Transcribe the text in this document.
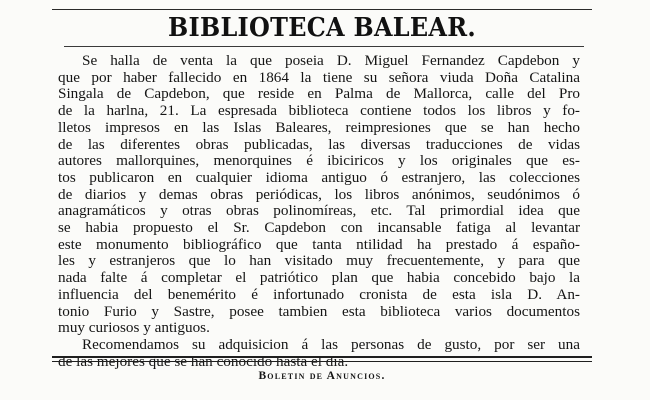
BIBLIOTECA BALEAR.
Se halla de venta la que poseia D. Miguel Fernandez Capdebon y
que por haber fallecido en 1864 la tiene su señora viuda Doña Catalina
Singala de Capdebon, que reside en Palma de Mallorca, calle del Pro
de la harlna, 21. La espresada biblioteca contiene todos los libros y fo-
lletos impresos en las Islas Baleares, reimpresiones que se han hecho
de las diferentes obras publicadas, las diversas traducciones de vidas
autores mallorquines, menorquines é ibiciricos y los originales que es-
tos publicaron en cualquier idioma antiguo ó estranjero, las colecciones
de diarios y demas obras periódicas, los libros anónimos, seudónimos ó
anagramáticos y otras obras polinomíreas, etc. Tal primordial idea que
se habia propuesto el Sr. Capdebon con incansable fatiga al levantar
este monumento bibliográfico que tanta ntilidad ha prestado á españo-
les y estranjeros que lo han visitado muy frecuentemente, y para que
nada falte á completar el patriótico plan que habia concebido bajo la
influencia del benemérito é infortunado cronista de esta isla D. An-
tonio Furio y Sastre, posee tambien esta biblioteca varios documentos
muy curiosos y antiguos.
Recomendamos su adquisicion á las personas de gusto, por ser una
de las mejores que se han conocido hasta el dia.
Boletin de Anuncios.
